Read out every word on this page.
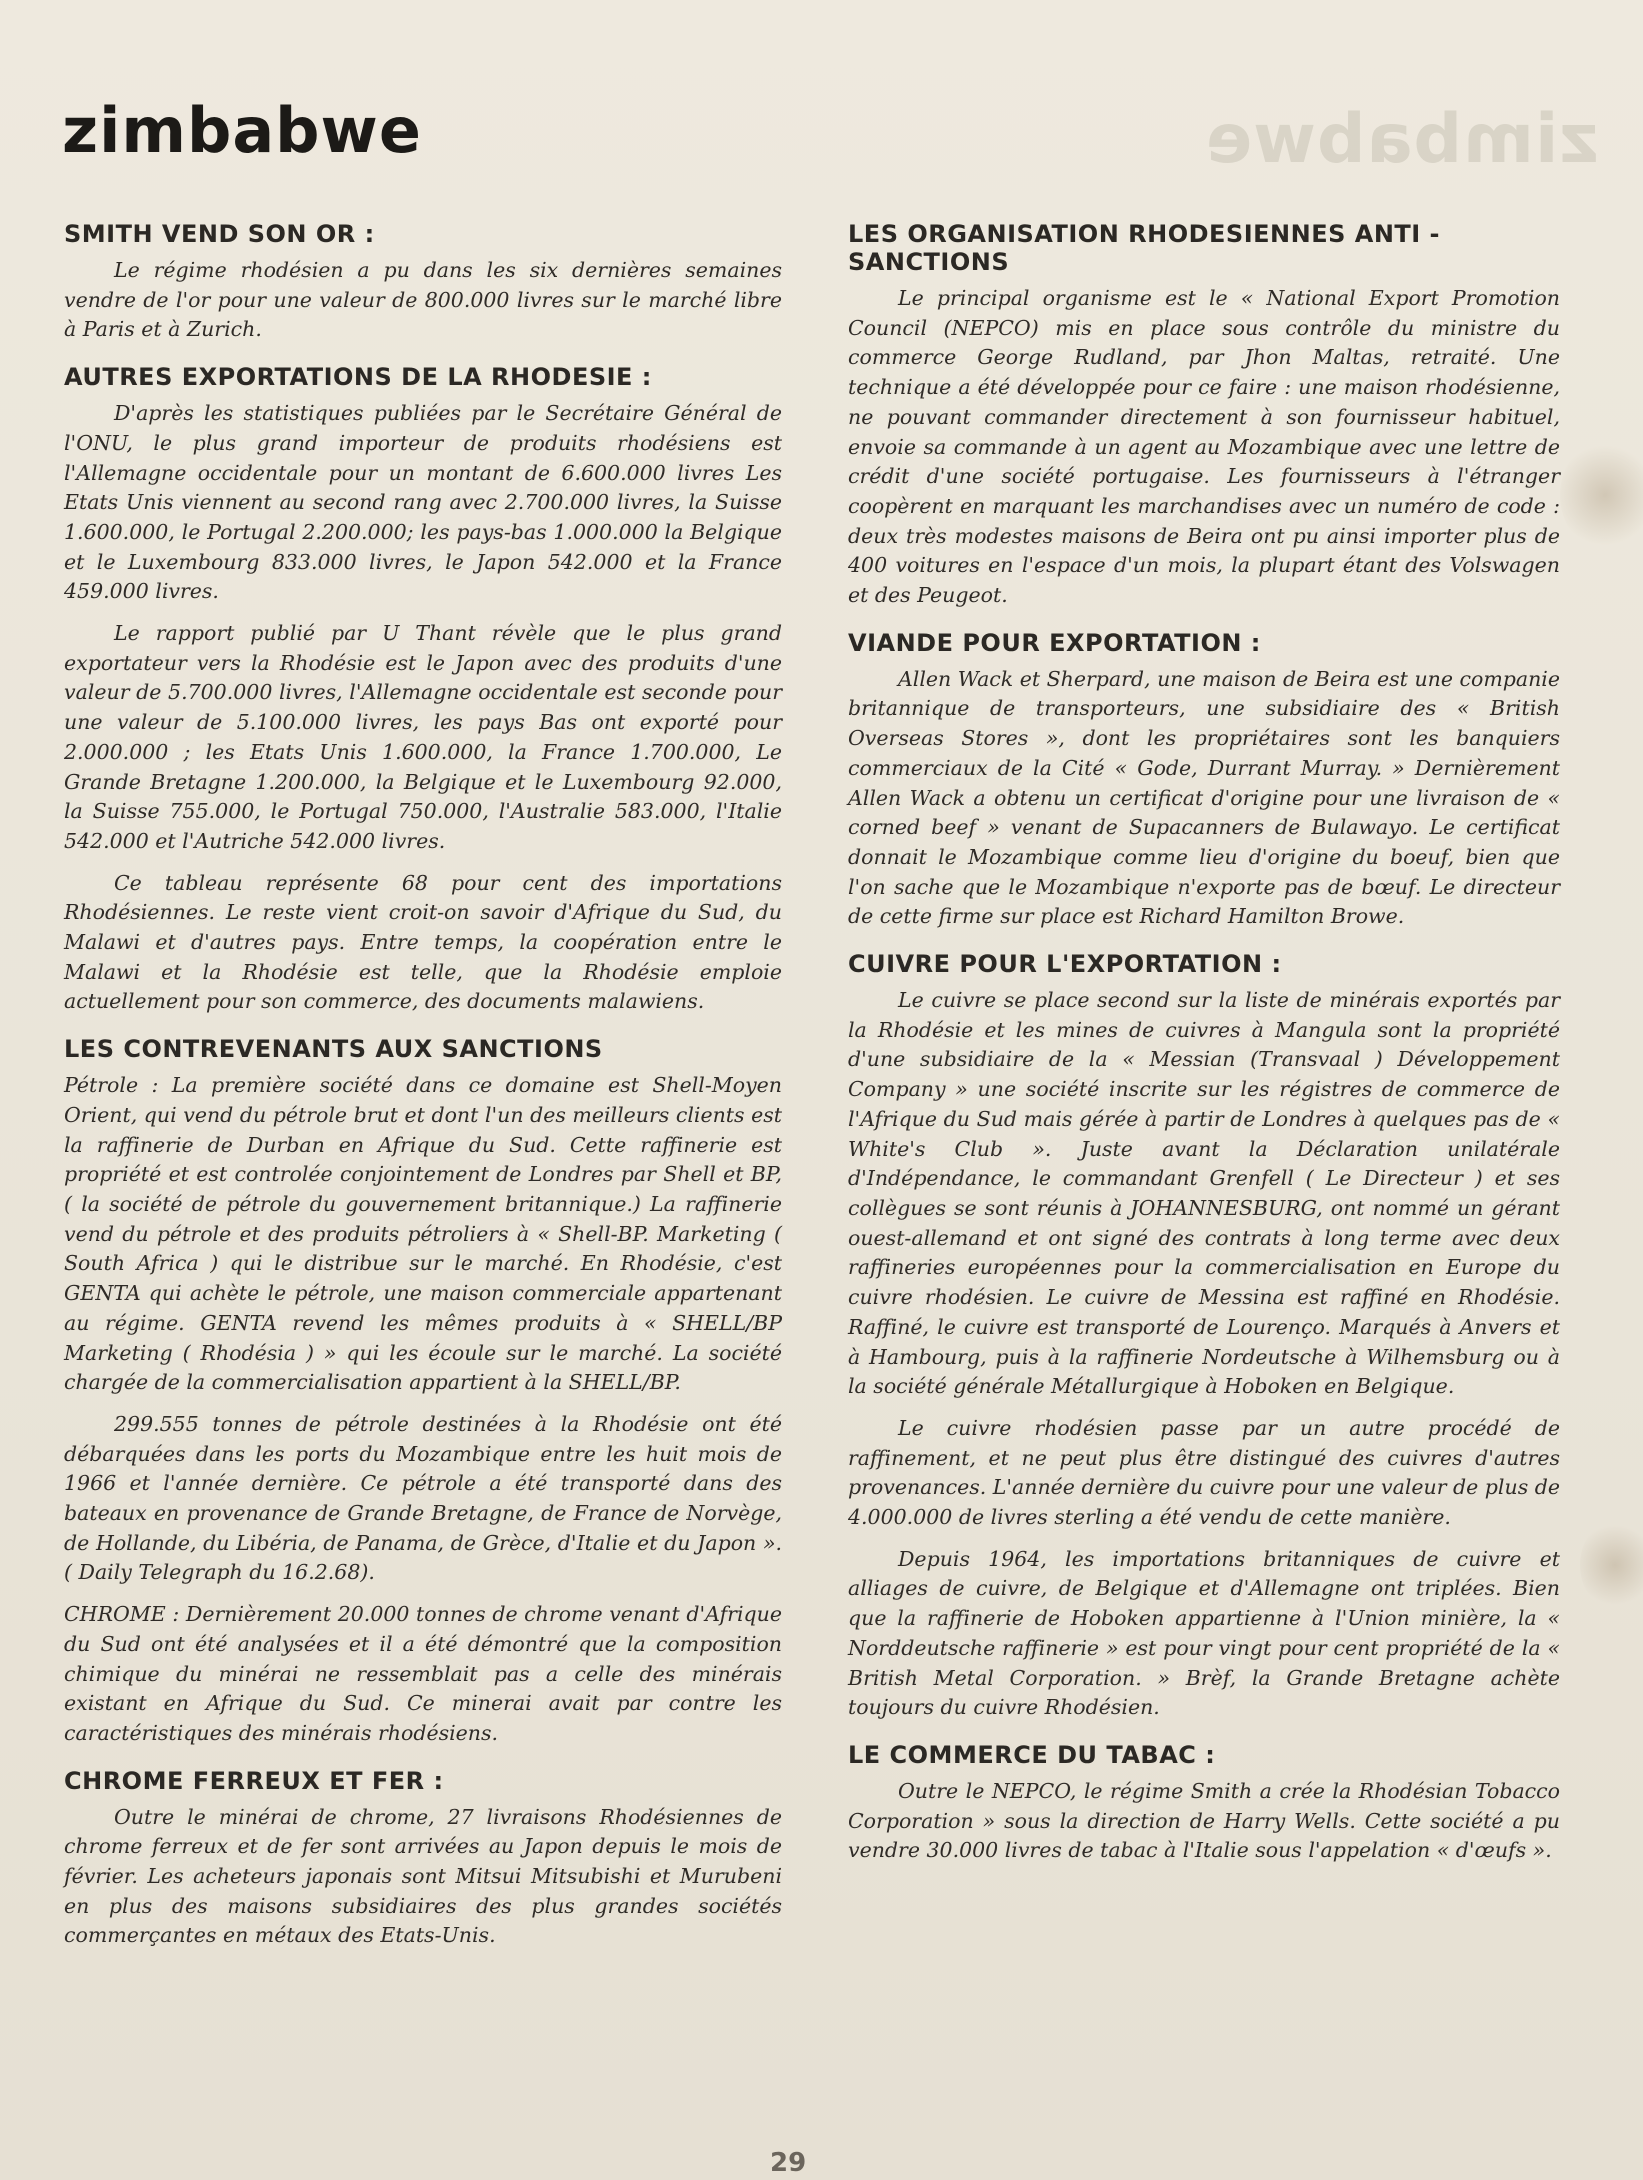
zimbabwe
zimbabwe
SMITH VEND SON OR :

Le régime rhodésien a pu dans les six dernières semaines vendre de l'or pour une valeur de 800.000 livres sur le marché libre à Paris et à Zurich.

AUTRES EXPORTATIONS DE LA RHODESIE :

D'après les statistiques publiées par le Secrétaire Général de l'ONU, le plus grand importeur de produits rhodésiens est l'Allemagne occidentale pour un montant de 6.600.000 livres Les Etats Unis viennent au second rang avec 2.700.000 livres, la Suisse 1.600.000, le Portugal 2.200.000; les pays-bas 1.000.000 la Belgique et le Luxembourg 833.000 livres, le Japon 542.000 et la France 459.000 livres.

Le rapport publié par U Thant révèle que le plus grand exportateur vers la Rhodésie est le Japon avec des produits d'une valeur de 5.700.000 livres, l'Allemagne occidentale est seconde pour une valeur de 5.100.000 livres, les pays Bas ont exporté pour 2.000.000 ; les Etats Unis 1.600.000, la France 1.700.000, Le Grande Bretagne 1.200.000, la Belgique et le Luxembourg 92.000, la Suisse 755.000, le Portugal 750.000, l'Australie 583.000, l'Italie 542.000 et l'Autriche 542.000 livres.

Ce tableau représente 68 pour cent des importations Rhodésiennes. Le reste vient croit-on savoir d'Afrique du Sud, du Malawi et d'autres pays. Entre temps, la coopération entre le Malawi et la Rhodésie est telle, que la Rhodésie emploie actuellement pour son commerce, des documents malawiens.

LES CONTREVENANTS AUX SANCTIONS

Pétrole : La première société dans ce domaine est Shell-Moyen Orient, qui vend du pétrole brut et dont l'un des meilleurs clients est la raffinerie de Durban en Afrique du Sud. Cette raffinerie est propriété et est controlée conjointement de Londres par Shell et BP, ( la société de pétrole du gouvernement britannique.) La raffinerie vend du pétrole et des produits pétroliers à « Shell-BP. Marketing ( South Africa ) qui le distribue sur le marché. En Rhodésie, c'est GENTA qui achète le pétrole, une maison commerciale appartenant au régime. GENTA revend les mêmes produits à « SHELL/BP Marketing ( Rhodésia ) » qui les écoule sur le marché. La société chargée de la commercialisation appartient à la SHELL/BP.

299.555 tonnes de pétrole destinées à la Rhodésie ont été débarquées dans les ports du Mozambique entre les huit mois de 1966 et l'année dernière. Ce pétrole a été transporté dans des bateaux en provenance de Grande Bretagne, de France de Norvège, de Hollande, du Libéria, de Panama, de Grèce, d'Italie et du Japon ». ( Daily Telegraph du 16.2.68).

CHROME : Dernièrement 20.000 tonnes de chrome venant d'Afrique du Sud ont été analysées et il a été démontré que la composition chimique du minérai ne ressemblait pas a celle des minérais existant en Afrique du Sud. Ce minerai avait par contre les caractéristiques des minérais rhodésiens.

CHROME FERREUX ET FER :

Outre le minérai de chrome, 27 livraisons Rhodésiennes de chrome ferreux et de fer sont arrivées au Japon depuis le mois de février. Les acheteurs japonais sont Mitsui Mitsubishi et Murubeni en plus des maisons subsidiaires des plus grandes sociétés commerçantes en métaux des Etats-Unis.

LES ORGANISATION RHODESIENNES ANTI - SANCTIONS

Le principal organisme est le « National Export Promotion Council (NEPCO) mis en place sous contrôle du ministre du commerce George Rudland, par Jhon Maltas, retraité. Une technique a été développée pour ce faire : une maison rhodésienne, ne pouvant commander directement à son fournisseur habituel, envoie sa commande à un agent au Mozambique avec une lettre de crédit d'une société portugaise. Les fournisseurs à l'étranger coopèrent en marquant les marchandises avec un numéro de code : deux très modestes maisons de Beira ont pu ainsi importer plus de 400 voitures en l'espace d'un mois, la plupart étant des Volswagen et des Peugeot.

VIANDE POUR EXPORTATION :

Allen Wack et Sherpard, une maison de Beira est une companie britannique de transporteurs, une subsidiaire des « British Overseas Stores », dont les propriétaires sont les banquiers commerciaux de la Cité « Gode, Durrant Murray. » Dernièrement Allen Wack a obtenu un certificat d'origine pour une livraison de « corned beef » venant de Supacanners de Bulawayo. Le certificat donnait le Mozambique comme lieu d'origine du boeuf, bien que l'on sache que le Mozambique n'exporte pas de bœuf. Le directeur de cette firme sur place est Richard Hamilton Browe.

CUIVRE POUR L'EXPORTATION :

Le cuivre se place second sur la liste de minérais exportés par la Rhodésie et les mines de cuivres à Mangula sont la propriété d'une subsidiaire de la « Messian (Transvaal ) Développement Company » une société inscrite sur les régistres de commerce de l'Afrique du Sud mais gérée à partir de Londres à quelques pas de « White's Club ». Juste avant la Déclaration unilatérale d'Indépendance, le commandant Grenfell ( Le Directeur ) et ses collègues se sont réunis à JOHANNESBURG, ont nommé un gérant ouest-allemand et ont signé des contrats à long terme avec deux raffineries européennes pour la commercialisation en Europe du cuivre rhodésien. Le cuivre de Messina est raffiné en Rhodésie. Raffiné, le cuivre est transporté de Lourenço. Marqués à Anvers et à Hambourg, puis à la raffinerie Nordeutsche à Wilhemsburg ou à la société générale Métallurgique à Hoboken en Belgique.

Le cuivre rhodésien passe par un autre procédé de raffinement, et ne peut plus être distingué des cuivres d'autres provenances. L'année dernière du cuivre pour une valeur de plus de 4.000.000 de livres sterling a été vendu de cette manière.

Depuis 1964, les importations britanniques de cuivre et alliages de cuivre, de Belgique et d'Allemagne ont triplées. Bien que la raffinerie de Hoboken appartienne à l'Union minière, la « Norddeutsche raffinerie » est pour vingt pour cent propriété de la « British Metal Corporation. » Brèf, la Grande Bretagne achète toujours du cuivre Rhodésien.

LE COMMERCE DU TABAC :

Outre le NEPCO, le régime Smith a crée la Rhodésian Tobacco Corporation » sous la direction de Harry Wells. Cette société a pu vendre 30.000 livres de tabac à l'Italie sous l'appelation « d'œufs ».

29
